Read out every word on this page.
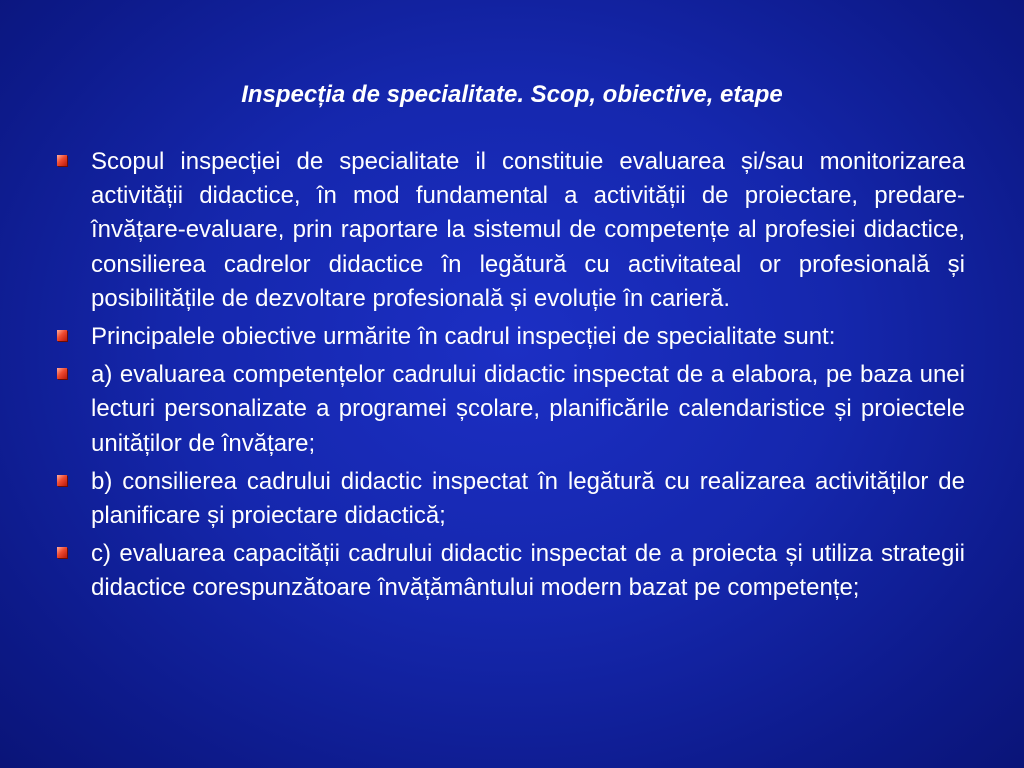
Inspecția de specialitate. Scop, obiective, etape
Scopul inspecției de specialitate il constituie evaluarea și/sau monitorizarea activității didactice, în mod fundamental a activității de proiectare, predare-învățare-evaluare, prin raportare la sistemul de competențe al profesiei didactice, consilierea cadrelor didactice în legătură cu activitateal or profesională și posibilitățile de dezvoltare profesională și evoluție în carieră.
Principalele obiective urmărite în cadrul inspecției de specialitate sunt:
a) evaluarea competențelor cadrului didactic inspectat de a elabora, pe baza unei lecturi personalizate a programei școlare, planificările calendaristice și proiectele unităților de învățare;
b) consilierea cadrului didactic inspectat în legătură cu realizarea activităților de planificare și proiectare didactică;
c) evaluarea capacității cadrului didactic inspectat de a proiecta și utiliza strategii didactice corespunzătoare învățământului modern bazat pe competențe;
